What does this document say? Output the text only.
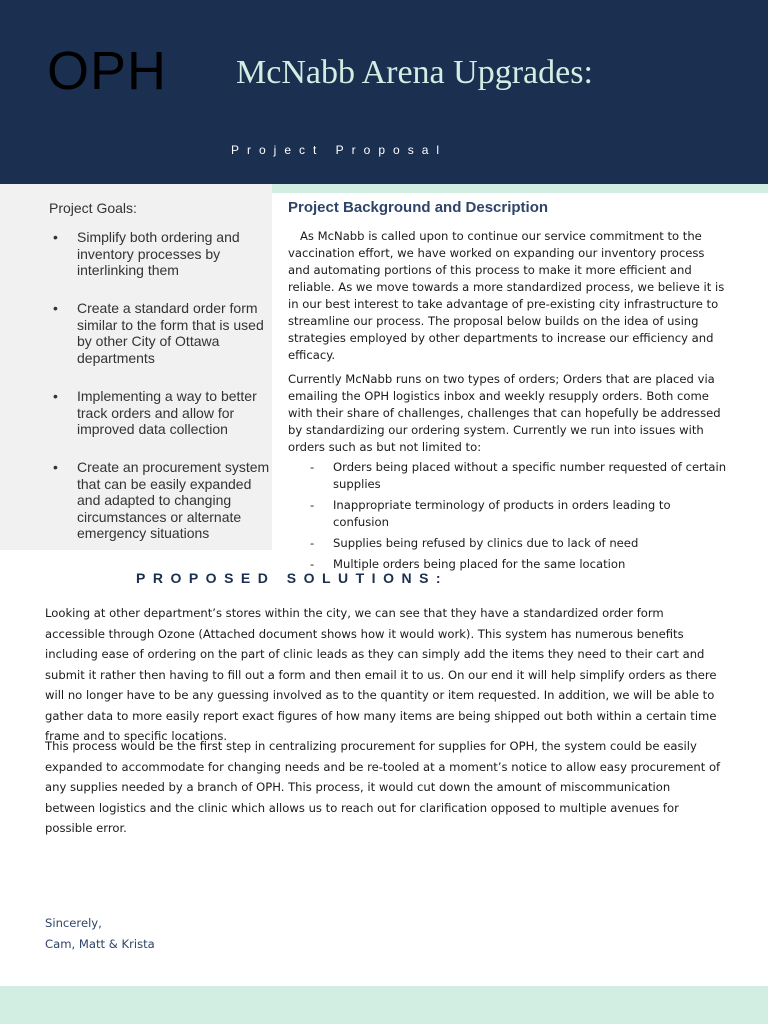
OPH McNabb Arena Upgrades:
Project Proposal
Project Goals:
• Simplify both ordering and inventory processes by interlinking them
• Create a standard order form similar to the form that is used by other City of Ottawa departments
• Implementing a way to better track orders and allow for improved data collection
• Create an procurement system that can be easily expanded and adapted to changing circumstances or alternate emergency situations
Project Background and Description

As McNabb is called upon to continue our service commitment to the vaccination effort, we have worked on expanding our inventory process and automating portions of this process to make it more efficient and reliable. As we move towards a more standardized process, we believe it is in our best interest to take advantage of pre-existing city infrastructure to streamline our process. The proposal below builds on the idea of using strategies employed by other departments to increase our efficiency and efficacy.

Currently McNabb runs on two types of orders; Orders that are placed via emailing the OPH logistics inbox and weekly resupply orders. Both come with their share of challenges, challenges that can hopefully be addressed by standardizing our ordering system. Currently we run into issues with orders such as but not limited to:

- Orders being placed without a specific number requested of certain supplies
- Inappropriate terminology of products in orders leading to confusion
- Supplies being refused by clinics due to lack of need
- Multiple orders being placed for the same location
PROPOSED SOLUTIONS:

Looking at other department’s stores within the city, we can see that they have a standardized order form accessible through Ozone (Attached document shows how it would work). This system has numerous benefits including ease of ordering on the part of clinic leads as they can simply add the items they need to their cart and submit it rather then having to fill out a form and then email it to us. On our end it will help simplify orders as there will no longer have to be any guessing involved as to the quantity or item requested. In addition, we will be able to gather data to more easily report exact figures of how many items are being shipped out both within a certain time frame and to specific locations.

This process would be the first step in centralizing procurement for supplies for OPH, the system could be easily expanded to accommodate for changing needs and be re-tooled at a moment’s notice to allow easy procurement of any supplies needed by a branch of OPH. This process, it would cut down the amount of miscommunication between logistics and the clinic which allows us to reach out for clarification opposed to multiple avenues for possible error.

Sincerely,
Cam, Matt & Krista
